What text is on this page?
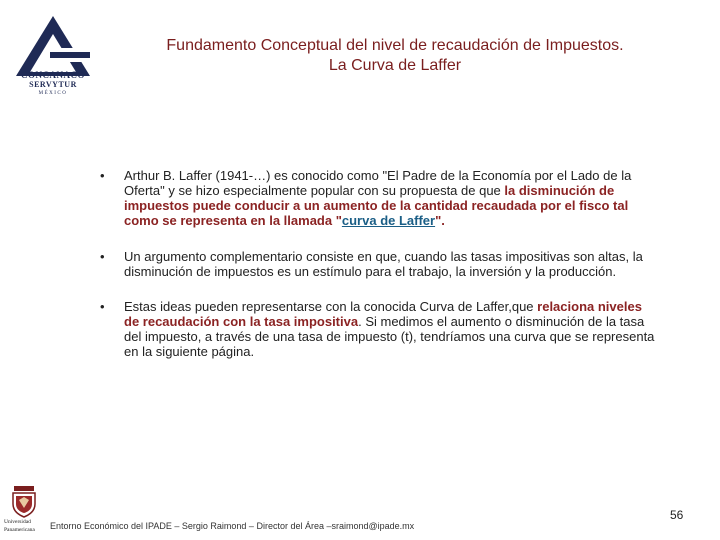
CONCANACO
SERVYTUR
MÉXICO
Fundamento Conceptual del nivel de recaudación de Impuestos.
La Curva de Laffer
• Arthur B. Laffer (1941-…) es conocido como "El Padre de la Economía por el Lado de la Oferta" y se hizo especialmente popular con su propuesta de que la disminución de impuestos puede conducir a un aumento de la cantidad recaudada por el fisco tal como se representa en la llamada "curva de Laffer".
• Un argumento complementario consiste en que, cuando las tasas impositivas son altas, la disminución de impuestos es un estímulo para el trabajo, la inversión y la producción.
• Estas ideas pueden representarse con la conocida Curva de Laffer,que relaciona niveles de recaudación con la tasa impositiva. Si medimos el aumento o disminución de la tasa del impuesto, a través de una tasa de impuesto (t), tendríamos una curva que se representa en la siguiente página.
Universidad
Panamericana	Entorno Económico del IPADE – Sergio Raimond – Director del Área –sraimond@ipade.mx
56
